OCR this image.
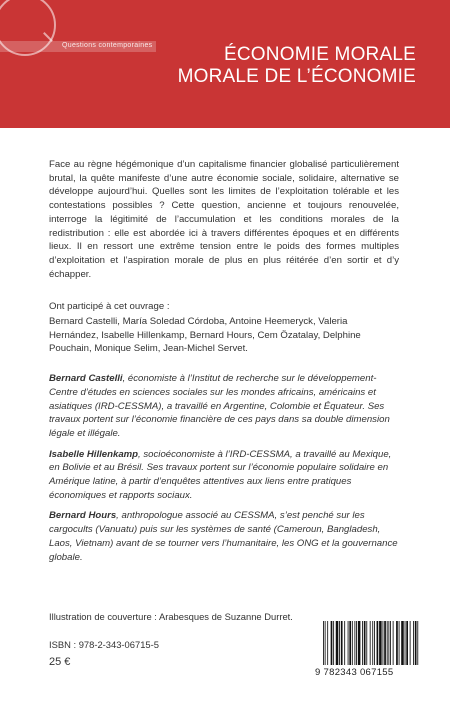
Questions contemporaines	ÉCONOMIE MORALE
MORALE DE L’ÉCONOMIE

Face au règne hégémonique d’un capitalisme financier globalisé particulièrement brutal, la quête manifeste d’une autre économie sociale, solidaire, alternative se développe aujourd’hui. Quelles sont les limites de l’exploitation tolérable et les contestations possibles ? Cette question, ancienne et toujours renouvelée, interroge la légitimité de l’accumulation et les conditions morales de la redistribution : elle est abordée ici à travers différentes époques et en différents lieux. Il en ressort une extrême tension entre le poids des formes multiples d’exploitation et l’aspiration morale de plus en plus réitérée d’en sortir et d’y échapper.

Ont participé à cet ouvrage :

Bernard Castelli, María Soledad Córdoba, Antoine Heemeryck, Valeria Hernández, Isabelle Hillenkamp, Bernard Hours, Cem Özatalay, Delphine Pouchain, Monique Selim, Jean-Michel Servet.

Bernard Castelli, économiste à l’Institut de recherche sur le développement-Centre d’études en sciences sociales sur les mondes africains, américains et asiatiques (IRD-CESSMA), a travaillé en Argentine, Colombie et Équateur. Ses travaux portent sur l’économie financière de ces pays dans sa double dimension légale et illégale.

Isabelle Hillenkamp, socioéconomiste à l’IRD-CESSMA, a travaillé au Mexique, en Bolivie et au Brésil. Ses travaux portent sur l’économie populaire solidaire en Amérique latine, à partir d’enquêtes attentives aux liens entre pratiques économiques et rapports sociaux.

Bernard Hours, anthropologue associé au CESSMA, s’est penché sur les cargocults (Vanuatu) puis sur les systèmes de santé (Cameroun, Bangladesh, Laos, Vietnam) avant de se tourner vers l’humanitaire, les ONG et la gouvernance globale.

Illustration de couverture : Arabesques de Suzanne Durret.
ISBN : 978-2-343-06715-5
25 €
9 782343 067155
